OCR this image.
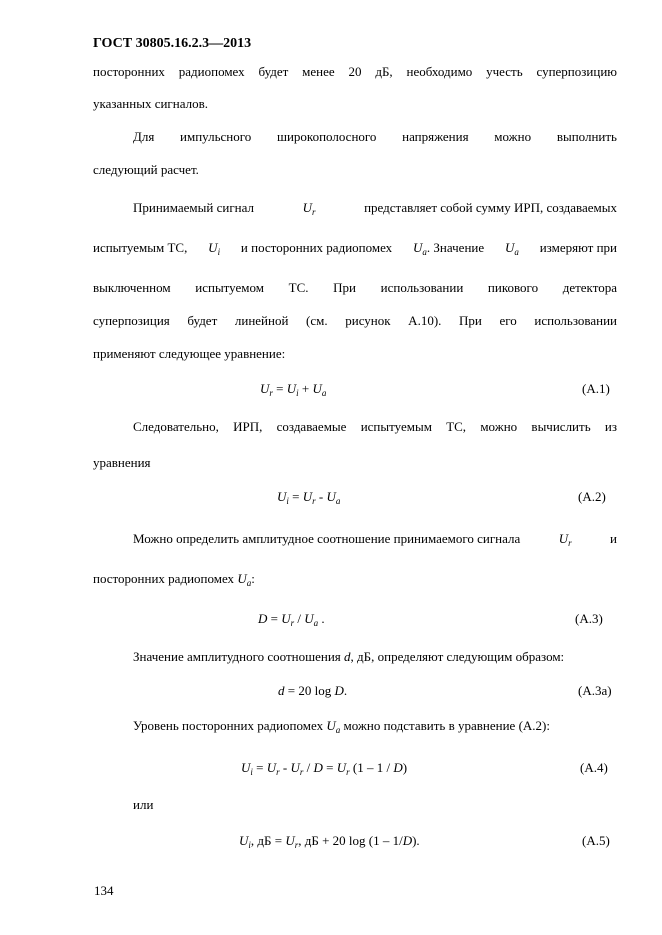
ГОСТ 30805.16.2.3—2013
посторонних радиопомех будет менее 20 дБ, необходимо учесть суперпозицию
указанных сигналов.
Для импульсного широкополосного напряжения можно выполнить
следующий расчет.
Принимаемый сигнал	$U_r$	представляет собой сумму ИРП, создаваемых
испытуемым ТС, $U_i$ и посторонних радиопомех $U_a$. Значение $U_a$ измеряют при
выключенном испытуемом ТС. При использовании пикового детектора
суперпозиция будет линейной (см. рисунок А.10). При его использовании
применяют следующее уравнение:
$U_r = U_i + U_a$	(А.1)
Следовательно, ИРП, создаваемые испытуемым ТС, можно вычислить из
уравнения
$U_i = U_r - U_a$	(А.2)
Можно определить амплитудное соотношение принимаемого сигнала	$U_r$	и
посторонних радиопомех $U_a$:
$D = U_r / U_a$ .	(А.3)
Значение амплитудного соотношения d, дБ, определяют следующим образом:
d = 20 log D.	(А.3а)
Уровень посторонних радиопомех $U_a$ можно подставить в уравнение (А.2):
$U_i = U_r - U_r / D = U_r$ (1 – 1 / D)	(А.4)
или
$U_i$, дБ = $U_r$, дБ + 20 log (1 – 1/D).	(А.5)
134
